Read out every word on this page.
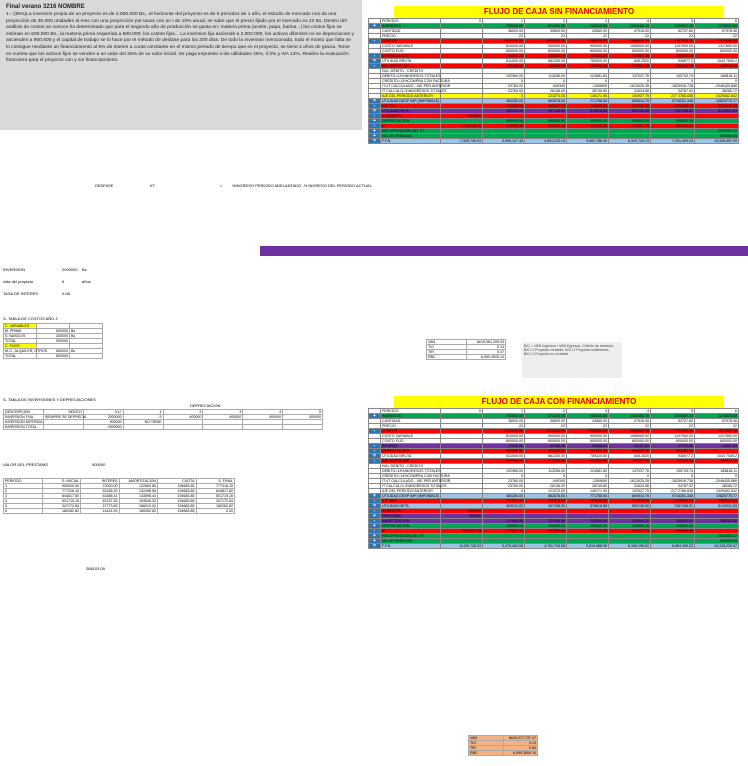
Final verano 3216 NOMBRE
1.- (30%)La inversion propia de un proyecto es de 2.000.000 Bs., el horizonte del proyecto es de 6 periodos de 1 año, el estudio de mercado nos da una proyección de 30.000 unidades al mes con una proyección por tasas con un i de 10% anual, se sabe que el precio fijado por el mercado es 22 Bs. Dentro del análisis de costos se conoce ha determinado que para el segundo año de producción se gasta en: materia prima (aceite, papa, harina...) los costos fijos se estiman en 600.000 Bs., la materia prima requerida a 600.000; los costos fijos... La inversion fija asciende a 2.000.000, los activos diferidos no se depreciacion y ascienden a 900.600 y el capital de trabajo se lo hace por el método de desfase para los 200 días. De todo la inversion mencionada, todo el monto que falta se lo consigue mediante un financiamiento al 8% de interes a cuota constante en el mismo periodo de tiempo que es el proyecto, se tiene 2 años de gracia. Tome en cuenta que los activos fijos se venden a un valor del 26% de su valor inicial. Se paga impuesto a las utilidades 25%, il 3% y IVA 13%. Realice la evaluación financiera para el proyecto con y sin financiamiento.
DESFASE	KT	= %INGRESO PERIODO ADELANTADO -% INGRESO DEL PERIODO ACTUAL
INVERSION	2000000 Bs
vida del proyecto	6	años
TASA DE INTERES	0.08
S- TABLA DE COSTOS AÑO 2
C. VARIABLES		
M. PRIMA	600000	Bs
S. BASICOS	300000	Bs
TOTAL	900000	
C. FIJOS		
M.O., ALQUILER, OTROS	600000	Bs
TOTAL	600000	
S- TABLA DE INVERSIONES Y DEPRECIACIONES
DEPRECIACION
DESCRIPCION	MONTO	V.U.	1	2	3	4	5
INVERSION FIJA	SIEMPRE SE DEPRECIA	2000000	5	400000	400000	400000	400000
INVERSION DIFERIDA		900000	NO TIENE				
INVERSION TOTAL		2900000					
VALOR DEL PRESTAMO	900000
PERIODO	S. INICIAL	INTERES	AMORTIZACION	CUOTA	S. FINAL
1	900000.00	72000.00	122663.85	194683.85	777316.15
2	777316.15	62185.29	132498.56	194683.85	644817.60
3	644817.60	51585.41	143098.44	194683.85	501719.16
4	501719.16	40137.53	154546.32	194683.85	347172.84
5	347172.84	27773.83	166910.02	194683.85	180262.82
6	180262.82	14421.03	180262.82	194683.85	0.00
268103.09
FLUJO DE CAJA SIN FINANCIAMIENTO
	PERIODO	0	1	2	3	4	5	6
+	INGRESOS		792000.00	871200.00	958320.00	1054152.00	1159567.20	1275523.92
	CANTIDAD		36000.00	39600.00	43560.00	47916.00	52707.60	57978.36
	PRECIO		22	22	22	22	22	22
-	COSTOS		1410000.00	1500000.00	1590000.00	1689000.00	1797900.00	1917690.00
	COSTO VARIABLE		810000.00	900000.00	990000.00	1089000.00	1197900.00	1317690.00
	COSTO FIJO		600000.00	600000.00	600000.00	600000.00	600000.00	600000.00
-	DEPRECIACION		400000.00	400000.00	400000.00	400000.00	400000.00	
=	UTILIDAD BRUTA		611000.00	681200.00	759320.00	845.2520	938977.2	1043 7549.2
-	IMP. ANTES IMP		103296.00	113256.00	124581.60	137037.76	150743.54	165818.11
	IVA= DÉBITO - CRÉDITO							
	DÉBITO=13%INGRESOS TOTALES		102960.00	113256.00	124581.60	137037.76	150743.74	165818.11
	CRÉDITO=13%COMPRA CON FACTURA		0	0	0	0	0	0
	IT=IT CALCULADO - IUE PER ANTERIOR		23760.00	-949340	-1369699	-1613025.35	-1825916.738	-2046435.666
	IT CALCULO=3%INGRESOS TOTALES		23760.00	26136.00	28749.60	31624.56	34787.02	38265.72
	IUE DEL PERIODO ANTERIOR		0	121070.00	145171.95	192927.75	217 2786.838	2429062.842
=	UTILIDAD DESP IMP (IMPONIBLE)		484280.00	662878.00	771758.50	869514.75	9716251.348	10825775.77
-	IUE 25%		121070.00	165719.50	192939.63	217378.69	2429062.84	2706443.94
=	UTILIDAD NETA		363210.00	497158.50	578818.88	652136.06	7287188.51	8119331.83
-	INVERSION	2900000						
+	DEPRECIACION		400000.00	400000.00	400000.00	400000.00	400000.00	
-	KT	-1439726.03	-143972.60	-157369.86	-173106.85	-190417.53	-209459.29	
+	RECUPERACION DEL KT							2314052.17
+	VALOR RESIDUAL							520000.00
=	F.F.N.	-7,339,726.03	3,598,127.40	4,894,215.14	5,662,786.40	6,343,743.13	7,051,409.24	15,508,502.99
VAN	8e19,061,209.24
TIO	0.13
TIR	0.47
RBC	6,099.3509.14
B/C = VAN Ingresos / VAN Egresos. Criterio de decisión: B/C>1 Proyecto rentable; B/C=1 Proyecto indiferente; B/C<1 Proyecto no rentable
FLUJO DE CAJA CON FINANCIAMIENTO
	PERIODO	0	1	2	3	4	5	6
+	INGRESOS		792000.00	871200.00	958320.00	1054152.00	1159567.20	1275523.92
	CANTIDAD		36000.00	39600.00	43560.00	47916.00	52707.60	57978.36
	PRECIO		22	22	22	22	22	22
-	COSTOS		1410000.00	1500000.00	1590000.00	1689000.00	1797900.00	1917690.00
	COSTO VARIABLE		810000.00	900000.00	990000.00	1089000.00	1197900.00	1317690.00
	COSTO FIJO		600000.00	600000.00	600000.00	600000.00	600000.00	600000.00
-	INTERES		72000.00	62185.29	51585.41	40137.53	27773.83	14421.03
-	DEPRECIACION		400000.00	400000.00	400000.00	400000.00	400000.00	
=	UTILIDAD BRUTA		611000.00	681200.00	759320.00	845.2520	938977.2	1043 7549.2
-	IMP. ANTES IMP		103296.00	113256.00	124581.60	137037.76	150743.54	165818.11
	IVA= DÉBITO - CRÉDITO							
	DÉBITO=13%INGRESOS TOTALES		102960.00	113256.00	124581.60	137037.76	150743.74	165818.11
	CRÉDITO=13%COMPRA CON FACTURA		0	0	0	0	0	0
	IT=IT CALCULADO - IUE PER ANTERIOR		23760.00	-949340	-1369699	-1613025.35	-1825916.738	-2046435.666
	IT CALCULO=3%INGRESOS TOTALES		23760.00	26136.00	28749.60	31624.56	34787.02	38265.72
	IUE DEL PERIODO ANTERIOR		0	121070.00	145171.95	192927.75	217 2786.838	2429062.842
=	UTILIDAD DESP IMP (IMPONIBLE)		484280.00	662878.00	771758.50	869514.75	9716251.348	10825775.77
-	IUE 25%		121070.00	165719.50	192939.63	217378.69	2429062.84	2706443.94
=	UTILIDAD NETA		363210.00	497158.50	578818.88	652136.06	7287188.51	8119331.83
-	INVERSION	2900000						
+	PRESTAMO	900000						
-	AMORTIZACION		122663.85	132498.56	143098.44	154546.32	166910.02	180262.82
+	DEPRECIACION		400000.00	400000.00	400000.00	400000.00	400000.00	
-	KT	-1439726.03	-143972.60	-157369.86	-173106.85	-190417.53	-209459.29	
+	RECUPERACION DEL KT							2314052.17
+	VALOR RESIDUAL							520000.00
=	F.F.N.	-5,439,726.03	3,475,463.55	4,761,716.58	5,519,688.96	6,189,196.81	6,884,499.22	15,328,239.67
VAN	8e20,277,737.47
TIO	0.13
TIR	0.84
RBC	6,099.3509.14
